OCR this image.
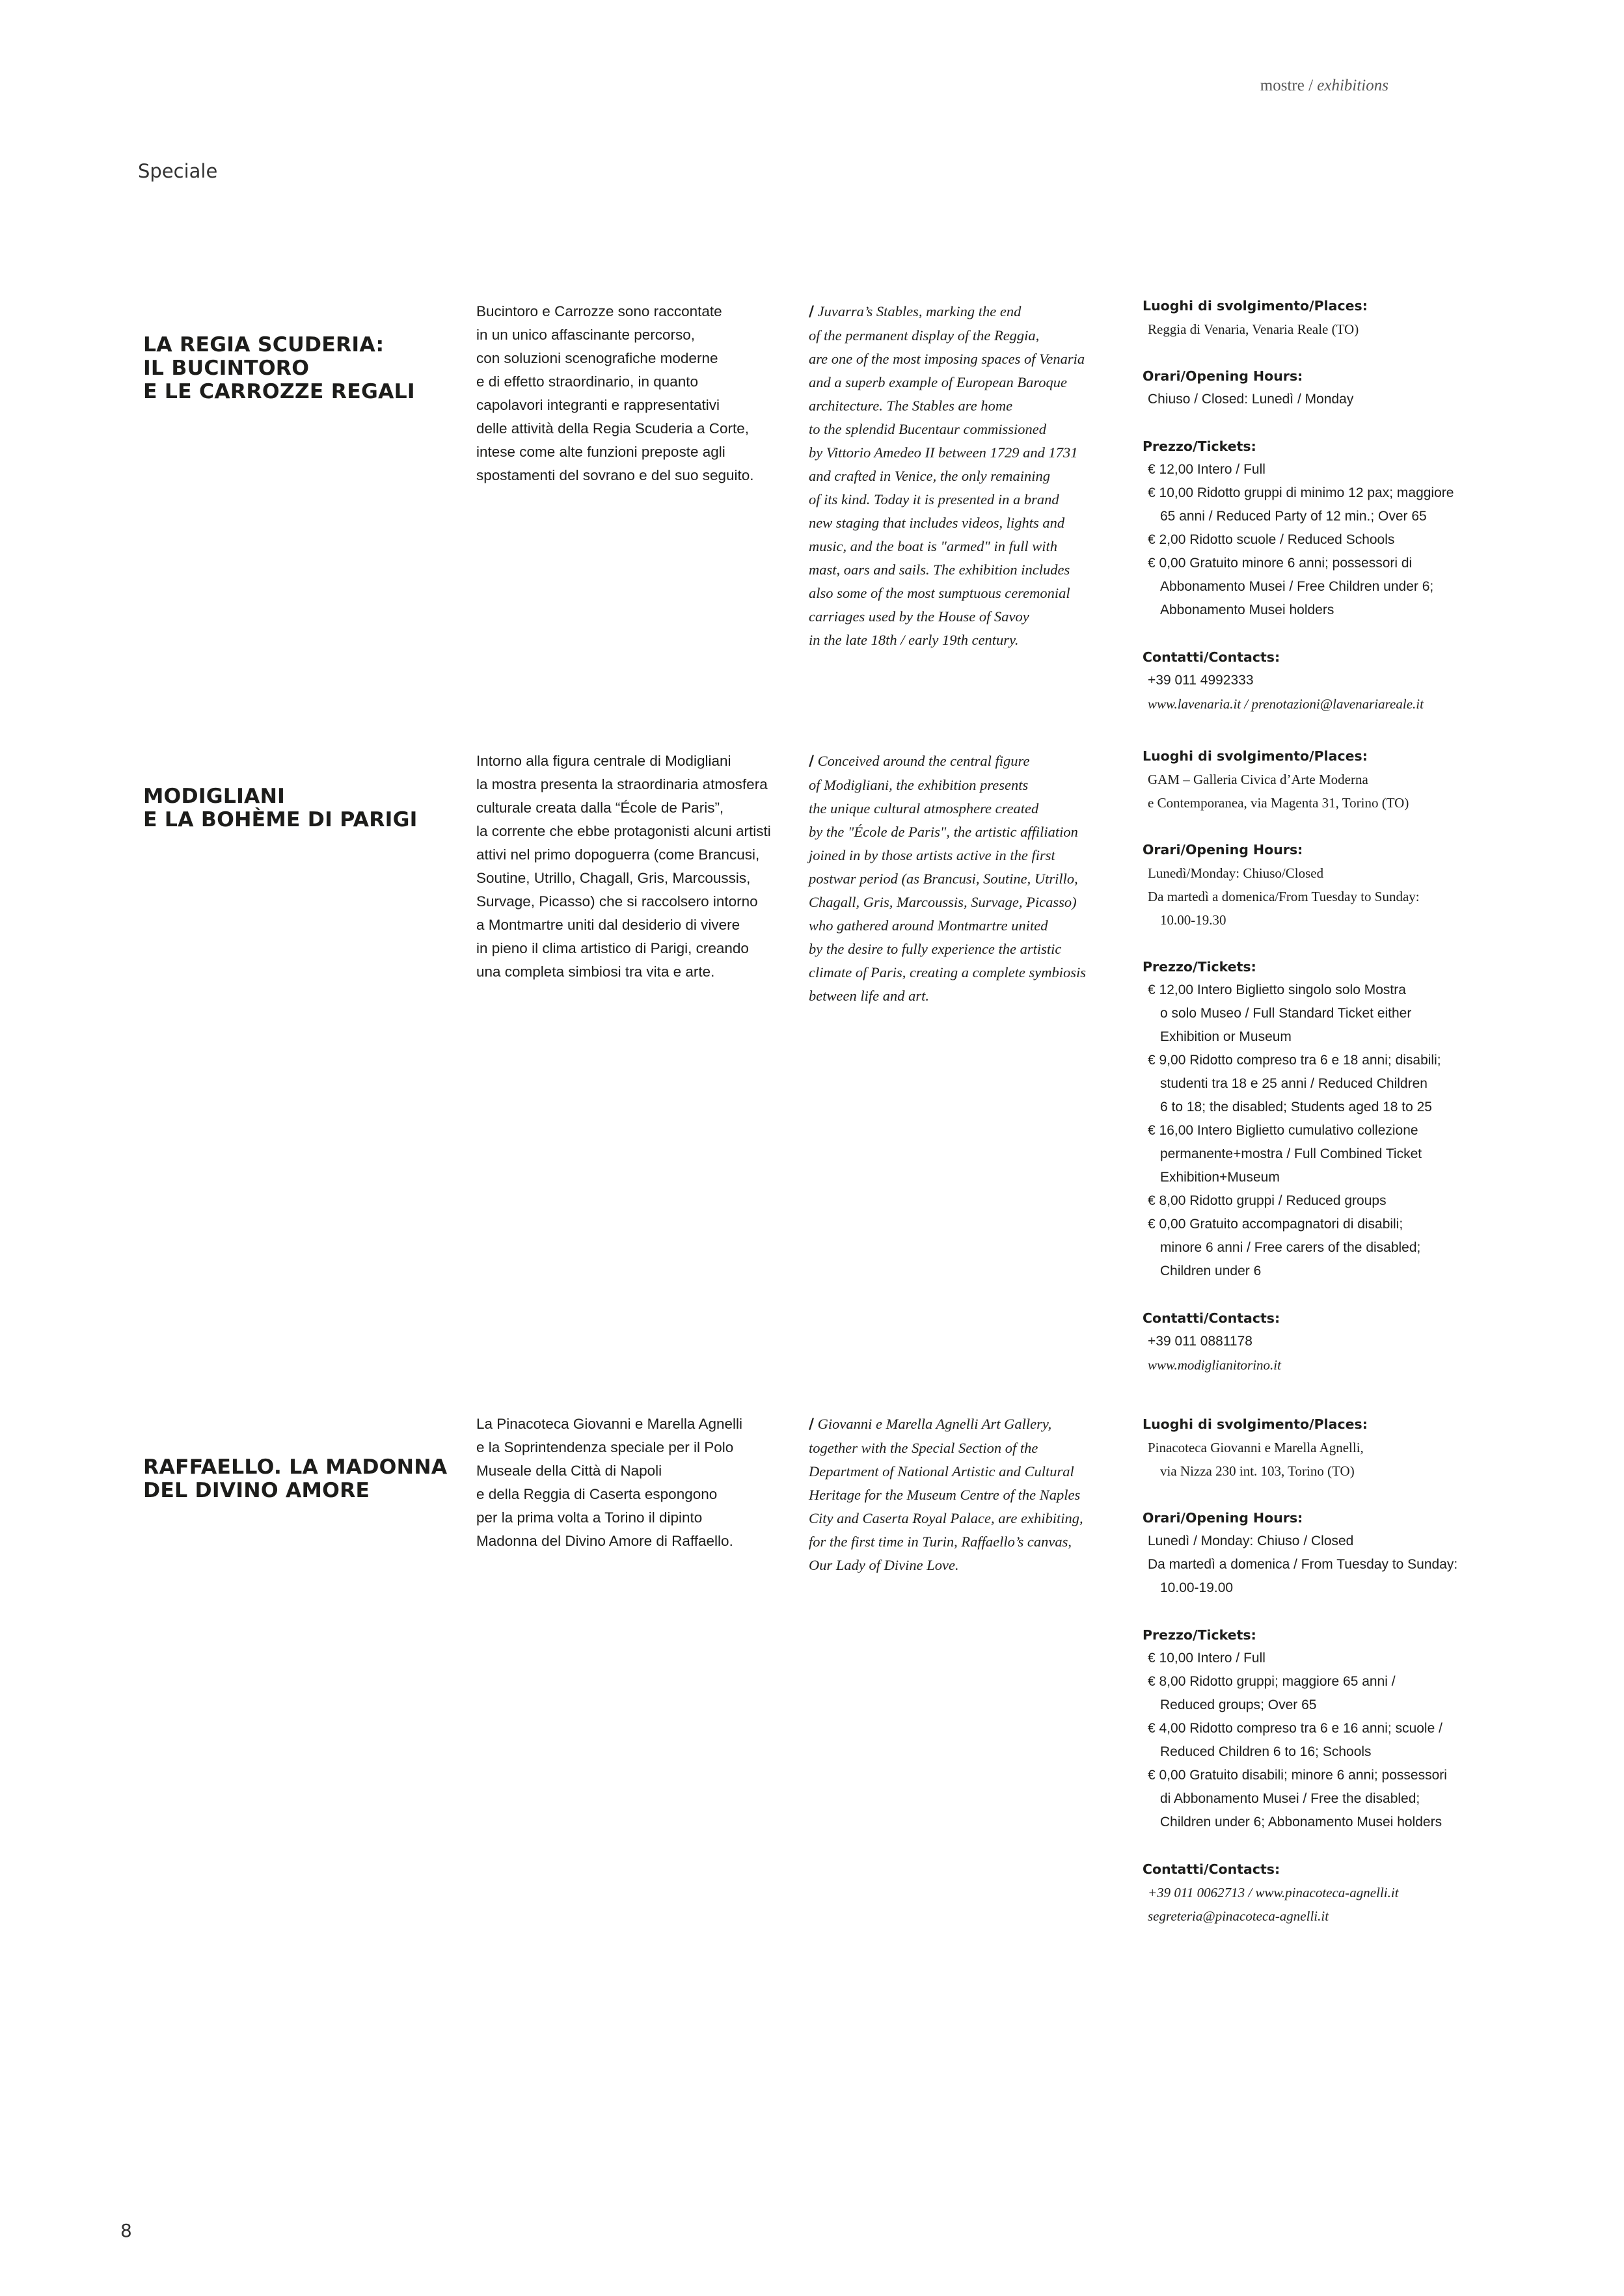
mostre / exhibitions
Speciale
LA REGIA SCUDERIA:
IL BUCINTORO
E LE CARROZZE REGALI
Bucintoro e Carrozze sono raccontate
in un unico affascinante percorso,
con soluzioni scenografiche moderne
e di effetto straordinario, in quanto
capolavori integranti e rappresentativi
delle attività della Regia Scuderia a Corte,
intese come alte funzioni preposte agli
spostamenti del sovrano e del suo seguito.
/ Juvarra’s Stables, marking the end
of the permanent display of the Reggia,
are one of the most imposing spaces of Venaria
and a superb example of European Baroque
architecture. The Stables are home
to the splendid Bucentaur commissioned
by Vittorio Amedeo II between 1729 and 1731
and crafted in Venice, the only remaining
of its kind. Today it is presented in a brand
new staging that includes videos, lights and
music, and the boat is "armed" in full with
mast, oars and sails. The exhibition includes
also some of the most sumptuous ceremonial
carriages used by the House of Savoy
in the late 18th / early 19th century.
Luoghi di svolgimento/Places:
Reggia di Venaria, Venaria Reale (TO)
Orari/Opening Hours:
Chiuso / Closed: Lunedì / Monday
Prezzo/Tickets:
€ 12,00 Intero / Full
€ 10,00 Ridotto gruppi di minimo 12 pax; maggiore
65 anni / Reduced Party of 12 min.; Over 65
€ 2,00 Ridotto scuole / Reduced Schools
€ 0,00 Gratuito minore 6 anni; possessori di
Abbonamento Musei / Free Children under 6;
Abbonamento Musei holders
Contatti/Contacts:
+39 011 4992333
www.lavenaria.it / prenotazioni@lavenariareale.it
MODIGLIANI
E LA BOHÈME DI PARIGI
Intorno alla figura centrale di Modigliani
la mostra presenta la straordinaria atmosfera
culturale creata dalla “École de Paris”,
la corrente che ebbe protagonisti alcuni artisti
attivi nel primo dopoguerra (come Brancusi,
Soutine, Utrillo, Chagall, Gris, Marcoussis,
Survage, Picasso) che si raccolsero intorno
a Montmartre uniti dal desiderio di vivere
in pieno il clima artistico di Parigi, creando
una completa simbiosi tra vita e arte.
/ Conceived around the central figure
of Modigliani, the exhibition presents
the unique cultural atmosphere created
by the "École de Paris", the artistic affiliation
joined in by those artists active in the first
postwar period (as Brancusi, Soutine, Utrillo,
Chagall, Gris, Marcoussis, Survage, Picasso)
who gathered around Montmartre united
by the desire to fully experience the artistic
climate of Paris, creating a complete symbiosis
between life and art.
Luoghi di svolgimento/Places:
GAM – Galleria Civica d’Arte Moderna
e Contemporanea, via Magenta 31, Torino (TO)
Orari/Opening Hours:
Lunedì/Monday: Chiuso/Closed
Da martedì a domenica/From Tuesday to Sunday:
10.00-19.30
Prezzo/Tickets:
€ 12,00 Intero Biglietto singolo solo Mostra
o solo Museo / Full Standard Ticket either
Exhibition or Museum
€ 9,00 Ridotto compreso tra 6 e 18 anni; disabili;
studenti tra 18 e 25 anni / Reduced Children
6 to 18; the disabled; Students aged 18 to 25
€ 16,00 Intero Biglietto cumulativo collezione
permanente+mostra / Full Combined Ticket
Exhibition+Museum
€ 8,00 Ridotto gruppi / Reduced groups
€ 0,00 Gratuito accompagnatori di disabili;
minore 6 anni / Free carers of the disabled;
Children under 6
Contatti/Contacts:
+39 011 0881178
www.modiglianitorino.it
RAFFAELLO. LA MADONNA
DEL DIVINO AMORE
La Pinacoteca Giovanni e Marella Agnelli
e la Soprintendenza speciale per il Polo
Museale della Città di Napoli
e della Reggia di Caserta espongono
per la prima volta a Torino il dipinto
Madonna del Divino Amore di Raffaello.
/ Giovanni e Marella Agnelli Art Gallery,
together with the Special Section of the
Department of National Artistic and Cultural
Heritage for the Museum Centre of the Naples
City and Caserta Royal Palace, are exhibiting,
for the first time in Turin, Raffaello’s canvas,
Our Lady of Divine Love.
Luoghi di svolgimento/Places:
Pinacoteca Giovanni e Marella Agnelli,
via Nizza 230 int. 103, Torino (TO)
Orari/Opening Hours:
Lunedì / Monday: Chiuso / Closed
Da martedì a domenica / From Tuesday to Sunday:
10.00-19.00
Prezzo/Tickets:
€ 10,00 Intero / Full
€ 8,00 Ridotto gruppi; maggiore 65 anni /
Reduced groups; Over 65
€ 4,00 Ridotto compreso tra 6 e 16 anni; scuole /
Reduced Children 6 to 16; Schools
€ 0,00 Gratuito disabili; minore 6 anni; possessori
di Abbonamento Musei / Free the disabled;
Children under 6; Abbonamento Musei holders
Contatti/Contacts:
+39 011 0062713 / www.pinacoteca-agnelli.it
segreteria@pinacoteca-agnelli.it
8
